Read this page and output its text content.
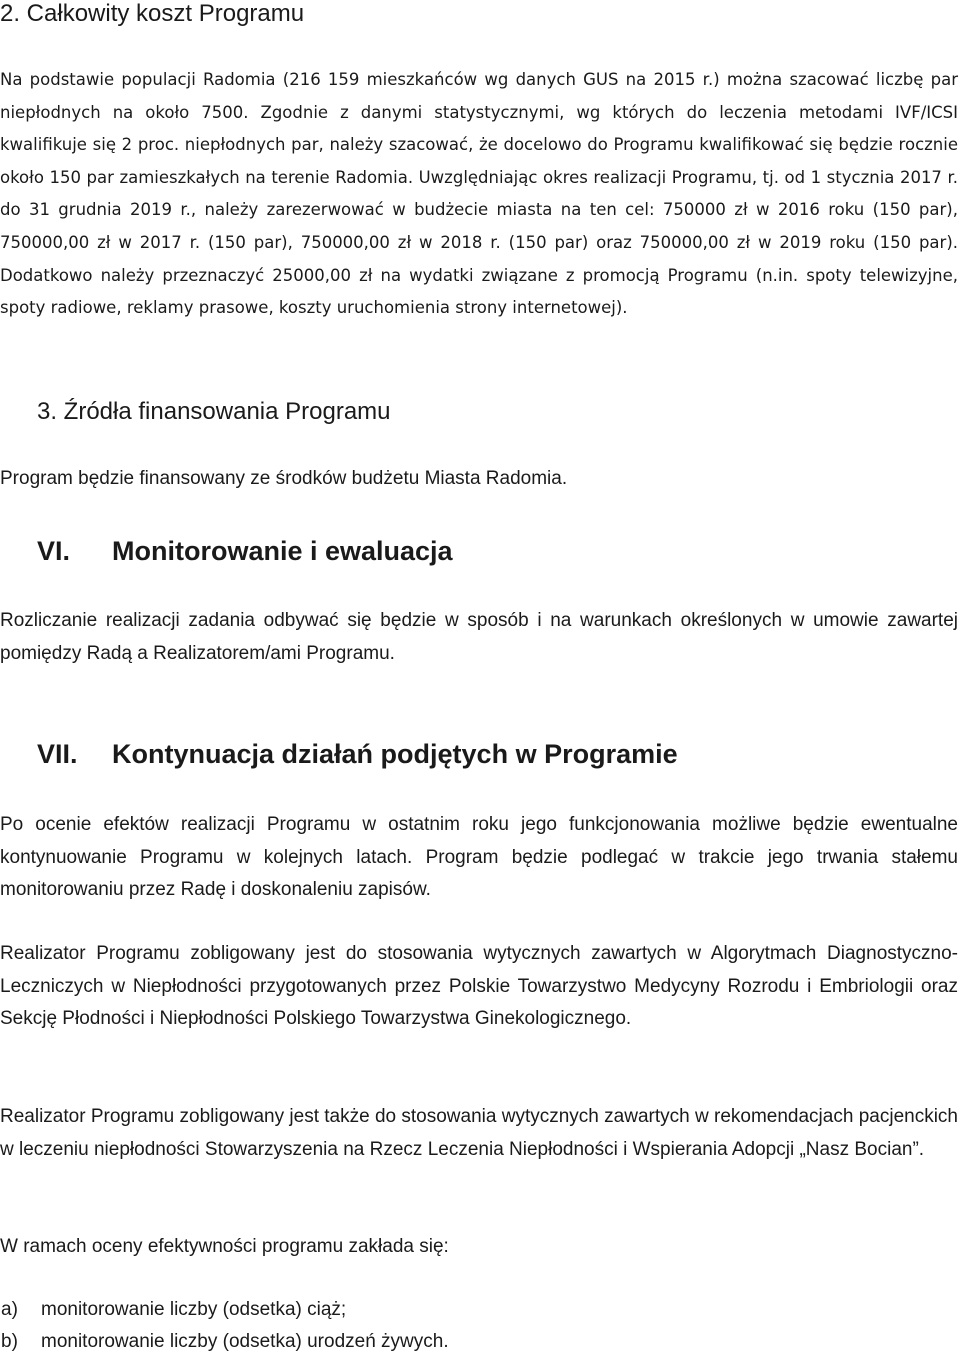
2. Całkowity koszt Programu

Na podstawie populacji Radomia (216 159 mieszkańców wg danych GUS na 2015 r.) można szacować liczbę par niepłodnych na około 7500. Zgodnie z danymi statystycznymi, wg których do leczenia metodami IVF/ICSI kwalifikuje się 2 proc. niepłodnych par, należy szacować, że docelowo do Programu kwalifikować się będzie rocznie około 150 par zamieszkałych na terenie Radomia. Uwzględniając okres realizacji Programu, tj. od 1 stycznia 2017 r. do 31 grudnia 2019 r., należy zarezerwować w budżecie miasta na ten cel: 750000 zł w 2016 roku (150 par), 750000,00 zł w 2017 r. (150 par), 750000,00 zł w 2018 r. (150 par) oraz 750000,00 zł w 2019 roku (150 par). Dodatkowo należy przeznaczyć 25000,00 zł na wydatki związane z promocją Programu (n.in. spoty telewizyjne, spoty radiowe, reklamy prasowe, koszty uruchomienia strony internetowej).

3. Źródła finansowania Programu

Program będzie finansowany ze środków budżetu Miasta Radomia.

VI. Monitorowanie i ewaluacja

Rozliczanie realizacji zadania odbywać się będzie w sposób i na warunkach określonych w umowie zawartej pomiędzy Radą a Realizatorem/ami Programu.

VII. Kontynuacja działań podjętych w Programie

Po ocenie efektów realizacji Programu w ostatnim roku jego funkcjonowania możliwe będzie ewentualne kontynuowanie Programu w kolejnych latach. Program będzie podlegać w trakcie jego trwania stałemu monitorowaniu przez Radę i doskonaleniu zapisów.

Realizator Programu zobligowany jest do stosowania wytycznych zawartych w Algorytmach Diagnostyczno-Leczniczych w Niepłodności przygotowanych przez Polskie Towarzystwo Medycyny Rozrodu i Embriologii oraz Sekcję Płodności i Niepłodności Polskiego Towarzystwa Ginekologicznego.

Realizator Programu zobligowany jest także do stosowania wytycznych zawartych w rekomendacjach pacjenckich w leczeniu niepłodności Stowarzyszenia na Rzecz Leczenia Niepłodności i Wspierania Adopcji „Nasz Bocian”.

W ramach oceny efektywności programu zakłada się:

a) monitorowanie liczby (odsetka) ciąż;
b) monitorowanie liczby (odsetka) urodzeń żywych.
